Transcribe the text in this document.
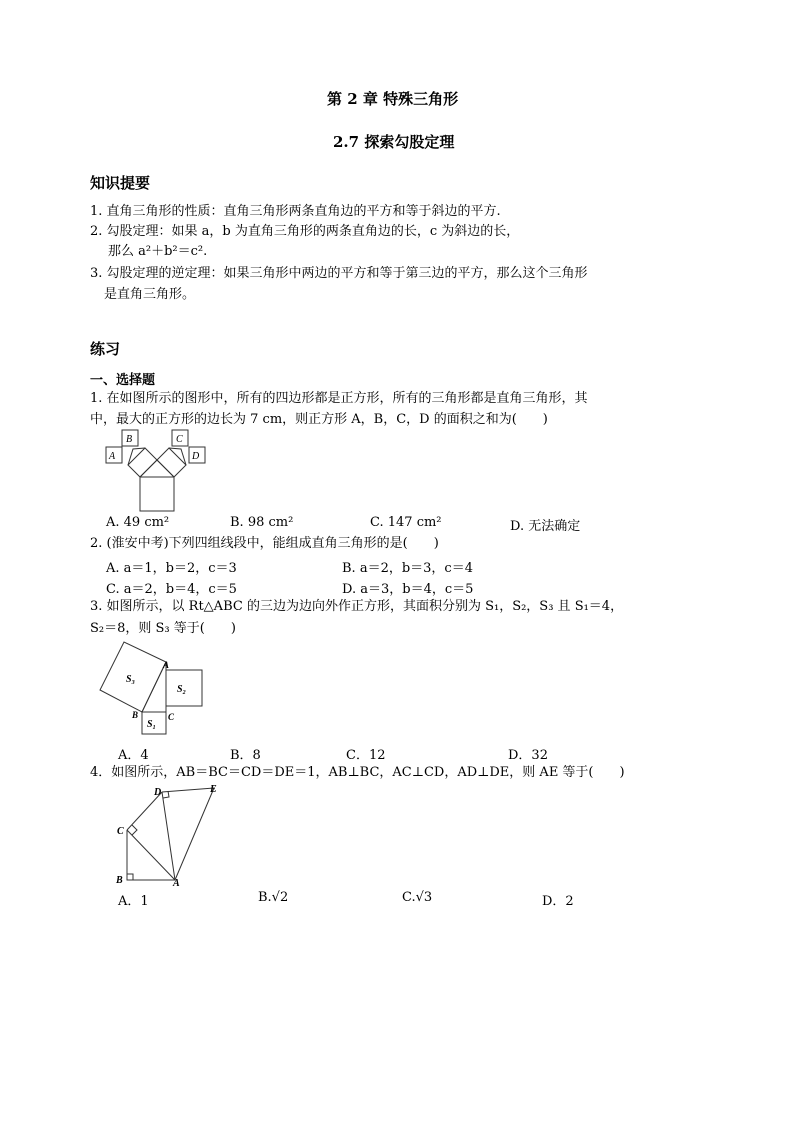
第 2 章 特殊三角形
2.7 探索勾股定理
知识提要
1. 直角三角形的性质：直角三角形两条直角边的平方和等于斜边的平方.
2. 勾股定理：如果 a，b 为直角三角形的两条直角边的长，c 为斜边的长，
那么 a²＋b²＝c².
3. 勾股定理的逆定理：如果三角形中两边的平方和等于第三边的平方，那么这个三角形
是直角三角形。
练习
一、选择题
1. 在如图所示的图形中，所有的四边形都是正方形，所有的三角形都是直角三角形，其
中，最大的正方形的边长为 7 cm，则正方形 A，B，C，D 的面积之和为(　　)
A
B	C
D
A. 49 cm²	B. 98 cm²	C. 147 cm²	D. 无法确定
2. (淮安中考)下列四组线段中，能组成直角三角形的是(　　)
A. a＝1，b＝2，c＝3	B. a＝2，b＝3，c＝4
C. a＝2，b＝4，c＝5	D. a＝3，b＝4，c＝5
3. 如图所示，以 Rt△ABC 的三边为边向外作正方形，其面积分别为 S₁，S₂，S₃ 且 S₁＝4，
S₂＝8，则 S₃ 等于(　　)
S₃
A
S₂
B	C
S₁
A．4	B．8	C．12	D．32
4．如图所示，AB＝BC＝CD＝DE＝1，AB⊥BC，AC⊥CD，AD⊥DE，则 AE 等于(　　)
D	E
C
B	A
A．1	B.√2	C.√3	D．2
